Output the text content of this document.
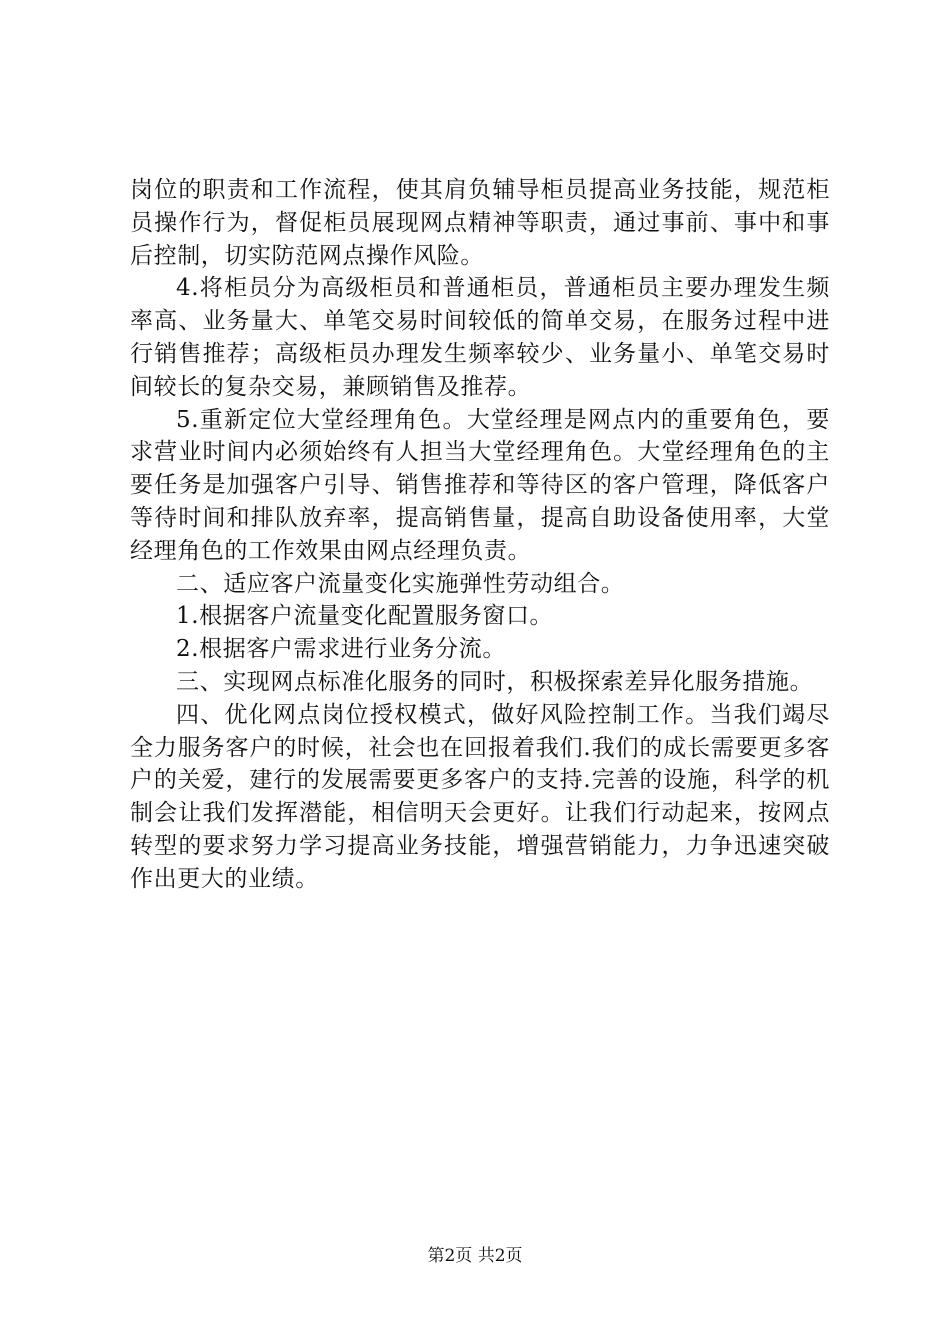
岗位的职责和工作流程，使其肩负辅导柜员提高业务技能，规范柜员操作行为，督促柜员展现网点精神等职责，通过事前、事中和事后控制，切实防范网点操作风险。

4.将柜员分为高级柜员和普通柜员，普通柜员主要办理发生频率高、业务量大、单笔交易时间较低的简单交易，在服务过程中进行销售推荐；高级柜员办理发生频率较少、业务量小、单笔交易时间较长的复杂交易，兼顾销售及推荐。

5.重新定位大堂经理角色。大堂经理是网点内的重要角色，要求营业时间内必须始终有人担当大堂经理角色。大堂经理角色的主要任务是加强客户引导、销售推荐和等待区的客户管理，降低客户等待时间和排队放弃率，提高销售量，提高自助设备使用率，大堂经理角色的工作效果由网点经理负责。

二、适应客户流量变化实施弹性劳动组合。

1.根据客户流量变化配置服务窗口。

2.根据客户需求进行业务分流。

三、实现网点标准化服务的同时，积极探索差异化服务措施。

四、优化网点岗位授权模式，做好风险控制工作。当我们竭尽全力服务客户的时候，社会也在回报着我们.我们的成长需要更多客户的关爱，建行的发展需要更多客户的支持.完善的设施，科学的机制会让我们发挥潜能，相信明天会更好。让我们行动起来，按网点转型的要求努力学习提高业务技能，增强营销能力，力争迅速突破作出更大的业绩。

第2页 共2页
